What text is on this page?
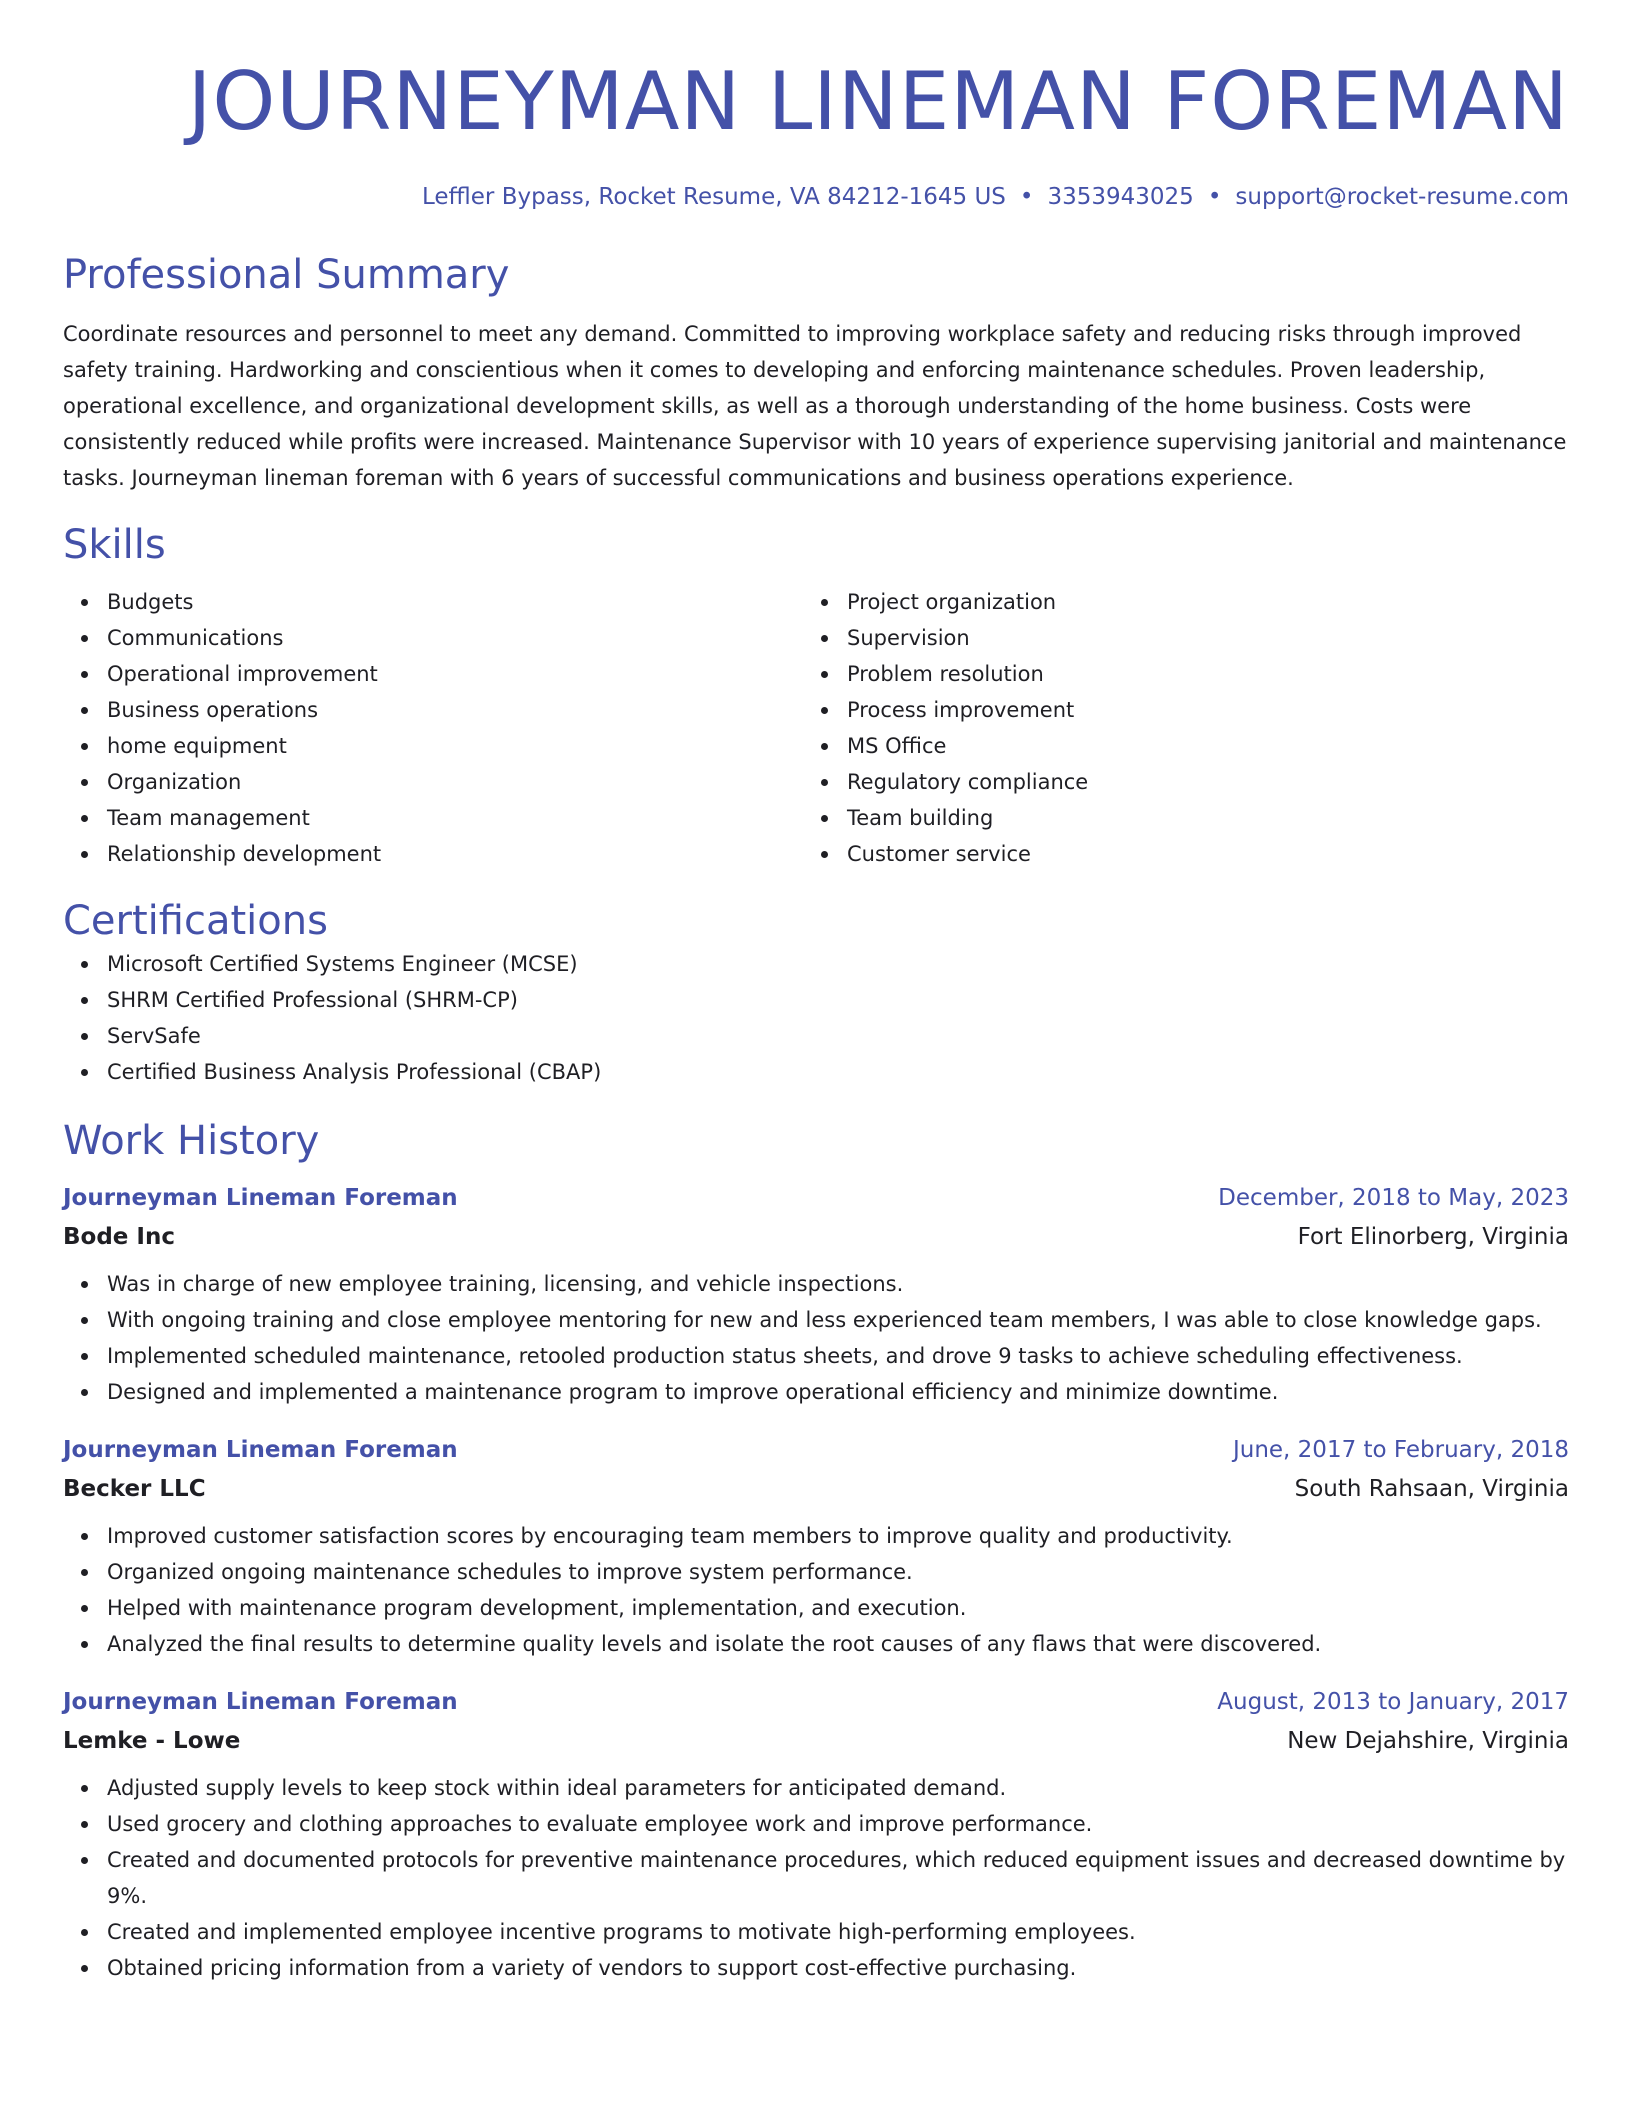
JOURNEYMAN LINEMAN FOREMAN
Leffler Bypass, Rocket Resume, VA 84212-1645 US • 3353943025 • support@rocket-resume.com
Professional Summary
Coordinate resources and personnel to meet any demand. Committed to improving workplace safety and reducing risks through improved safety training. Hardworking and conscientious when it comes to developing and enforcing maintenance schedules. Proven leadership, operational excellence, and organizational development skills, as well as a thorough understanding of the home business. Costs were consistently reduced while profits were increased. Maintenance Supervisor with 10 years of experience supervising janitorial and maintenance tasks. Journeyman lineman foreman with 6 years of successful communications and business operations experience.
Skills
Budgets
Communications
Operational improvement
Business operations
home equipment
Organization
Team management
Relationship development
Project organization
Supervision
Problem resolution
Process improvement
MS Office
Regulatory compliance
Team building
Customer service
Certifications
Microsoft Certified Systems Engineer (MCSE)
SHRM Certified Professional (SHRM-CP)
ServSafe
Certified Business Analysis Professional (CBAP)
Work History
Journeyman Lineman Foreman	December, 2018 to May, 2023
Bode Inc	Fort Elinorberg, Virginia
Was in charge of new employee training, licensing, and vehicle inspections.
With ongoing training and close employee mentoring for new and less experienced team members, I was able to close knowledge gaps.
Implemented scheduled maintenance, retooled production status sheets, and drove 9 tasks to achieve scheduling effectiveness.
Designed and implemented a maintenance program to improve operational efficiency and minimize downtime.
Journeyman Lineman Foreman	June, 2017 to February, 2018
Becker LLC	South Rahsaan, Virginia
Improved customer satisfaction scores by encouraging team members to improve quality and productivity.
Organized ongoing maintenance schedules to improve system performance.
Helped with maintenance program development, implementation, and execution.
Analyzed the final results to determine quality levels and isolate the root causes of any flaws that were discovered.
Journeyman Lineman Foreman	August, 2013 to January, 2017
Lemke - Lowe	New Dejahshire, Virginia
Adjusted supply levels to keep stock within ideal parameters for anticipated demand.
Used grocery and clothing approaches to evaluate employee work and improve performance.
Created and documented protocols for preventive maintenance procedures, which reduced equipment issues and decreased downtime by 9%.
Created and implemented employee incentive programs to motivate high-performing employees.
Obtained pricing information from a variety of vendors to support cost-effective purchasing.
